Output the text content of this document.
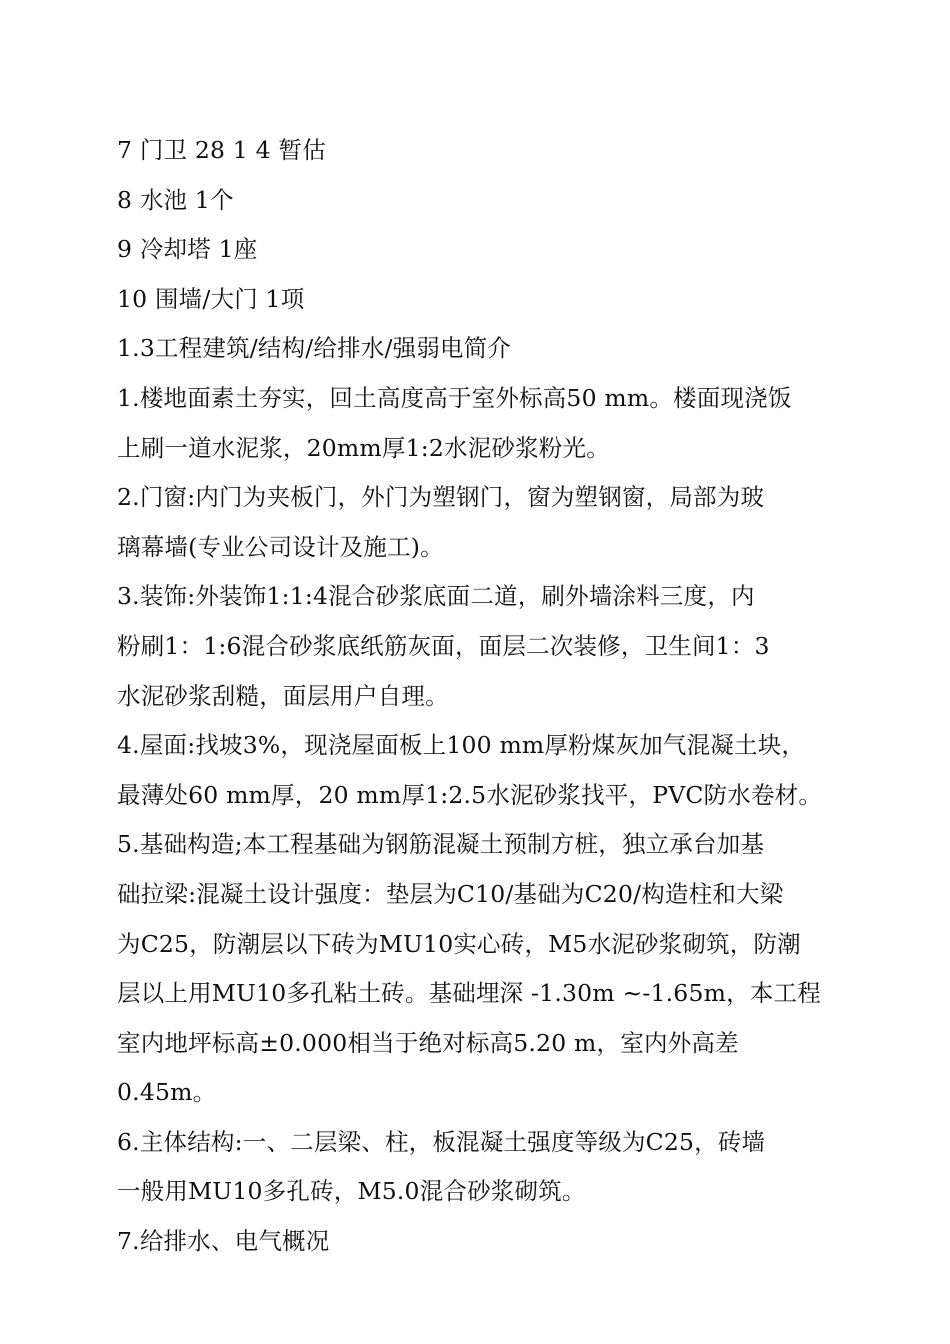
7 门卫 28 1 4 暂估
8 水池 1个
9 冷却塔 1座
10 围墙/大门 1项
1.3工程建筑/结构/给排水/强弱电简介
1.楼地面素土夯实，回土高度高于室外标高50 mm。楼面现浇饭
上刷一道水泥浆，20mm厚1:2水泥砂浆粉光。
2.门窗:内门为夹板门，外门为塑钢门，窗为塑钢窗，局部为玻
璃幕墙(专业公司设计及施工)。
3.装饰:外装饰1:1:4混合砂浆底面二道，刷外墙涂料三度，内
粉刷1：1:6混合砂浆底纸筋灰面，面层二次装修，卫生间1：3
水泥砂浆刮糙，面层用户自理。
4.屋面:找坡3%，现浇屋面板上100 mm厚粉煤灰加气混凝土块，
最薄处60 mm厚，20 mm厚1:2.5水泥砂浆找平，PVC防水卷材。
5.基础构造;本工程基础为钢筋混凝土预制方桩，独立承台加基
础拉梁:混凝土设计强度：垫层为C10/基础为C20/构造柱和大梁
为C25，防潮层以下砖为MU10实心砖，M5水泥砂浆砌筑，防潮
层以上用MU10多孔粘土砖。基础埋深 -1.30m ~-1.65m，本工程
室内地坪标高±0.000相当于绝对标高5.20 m，室内外高差
0.45m。
6.主体结构:一、二层梁、柱，板混凝土强度等级为C25，砖墙
一般用MU10多孔砖，M5.0混合砂浆砌筑。
7.给排水、电气概况
